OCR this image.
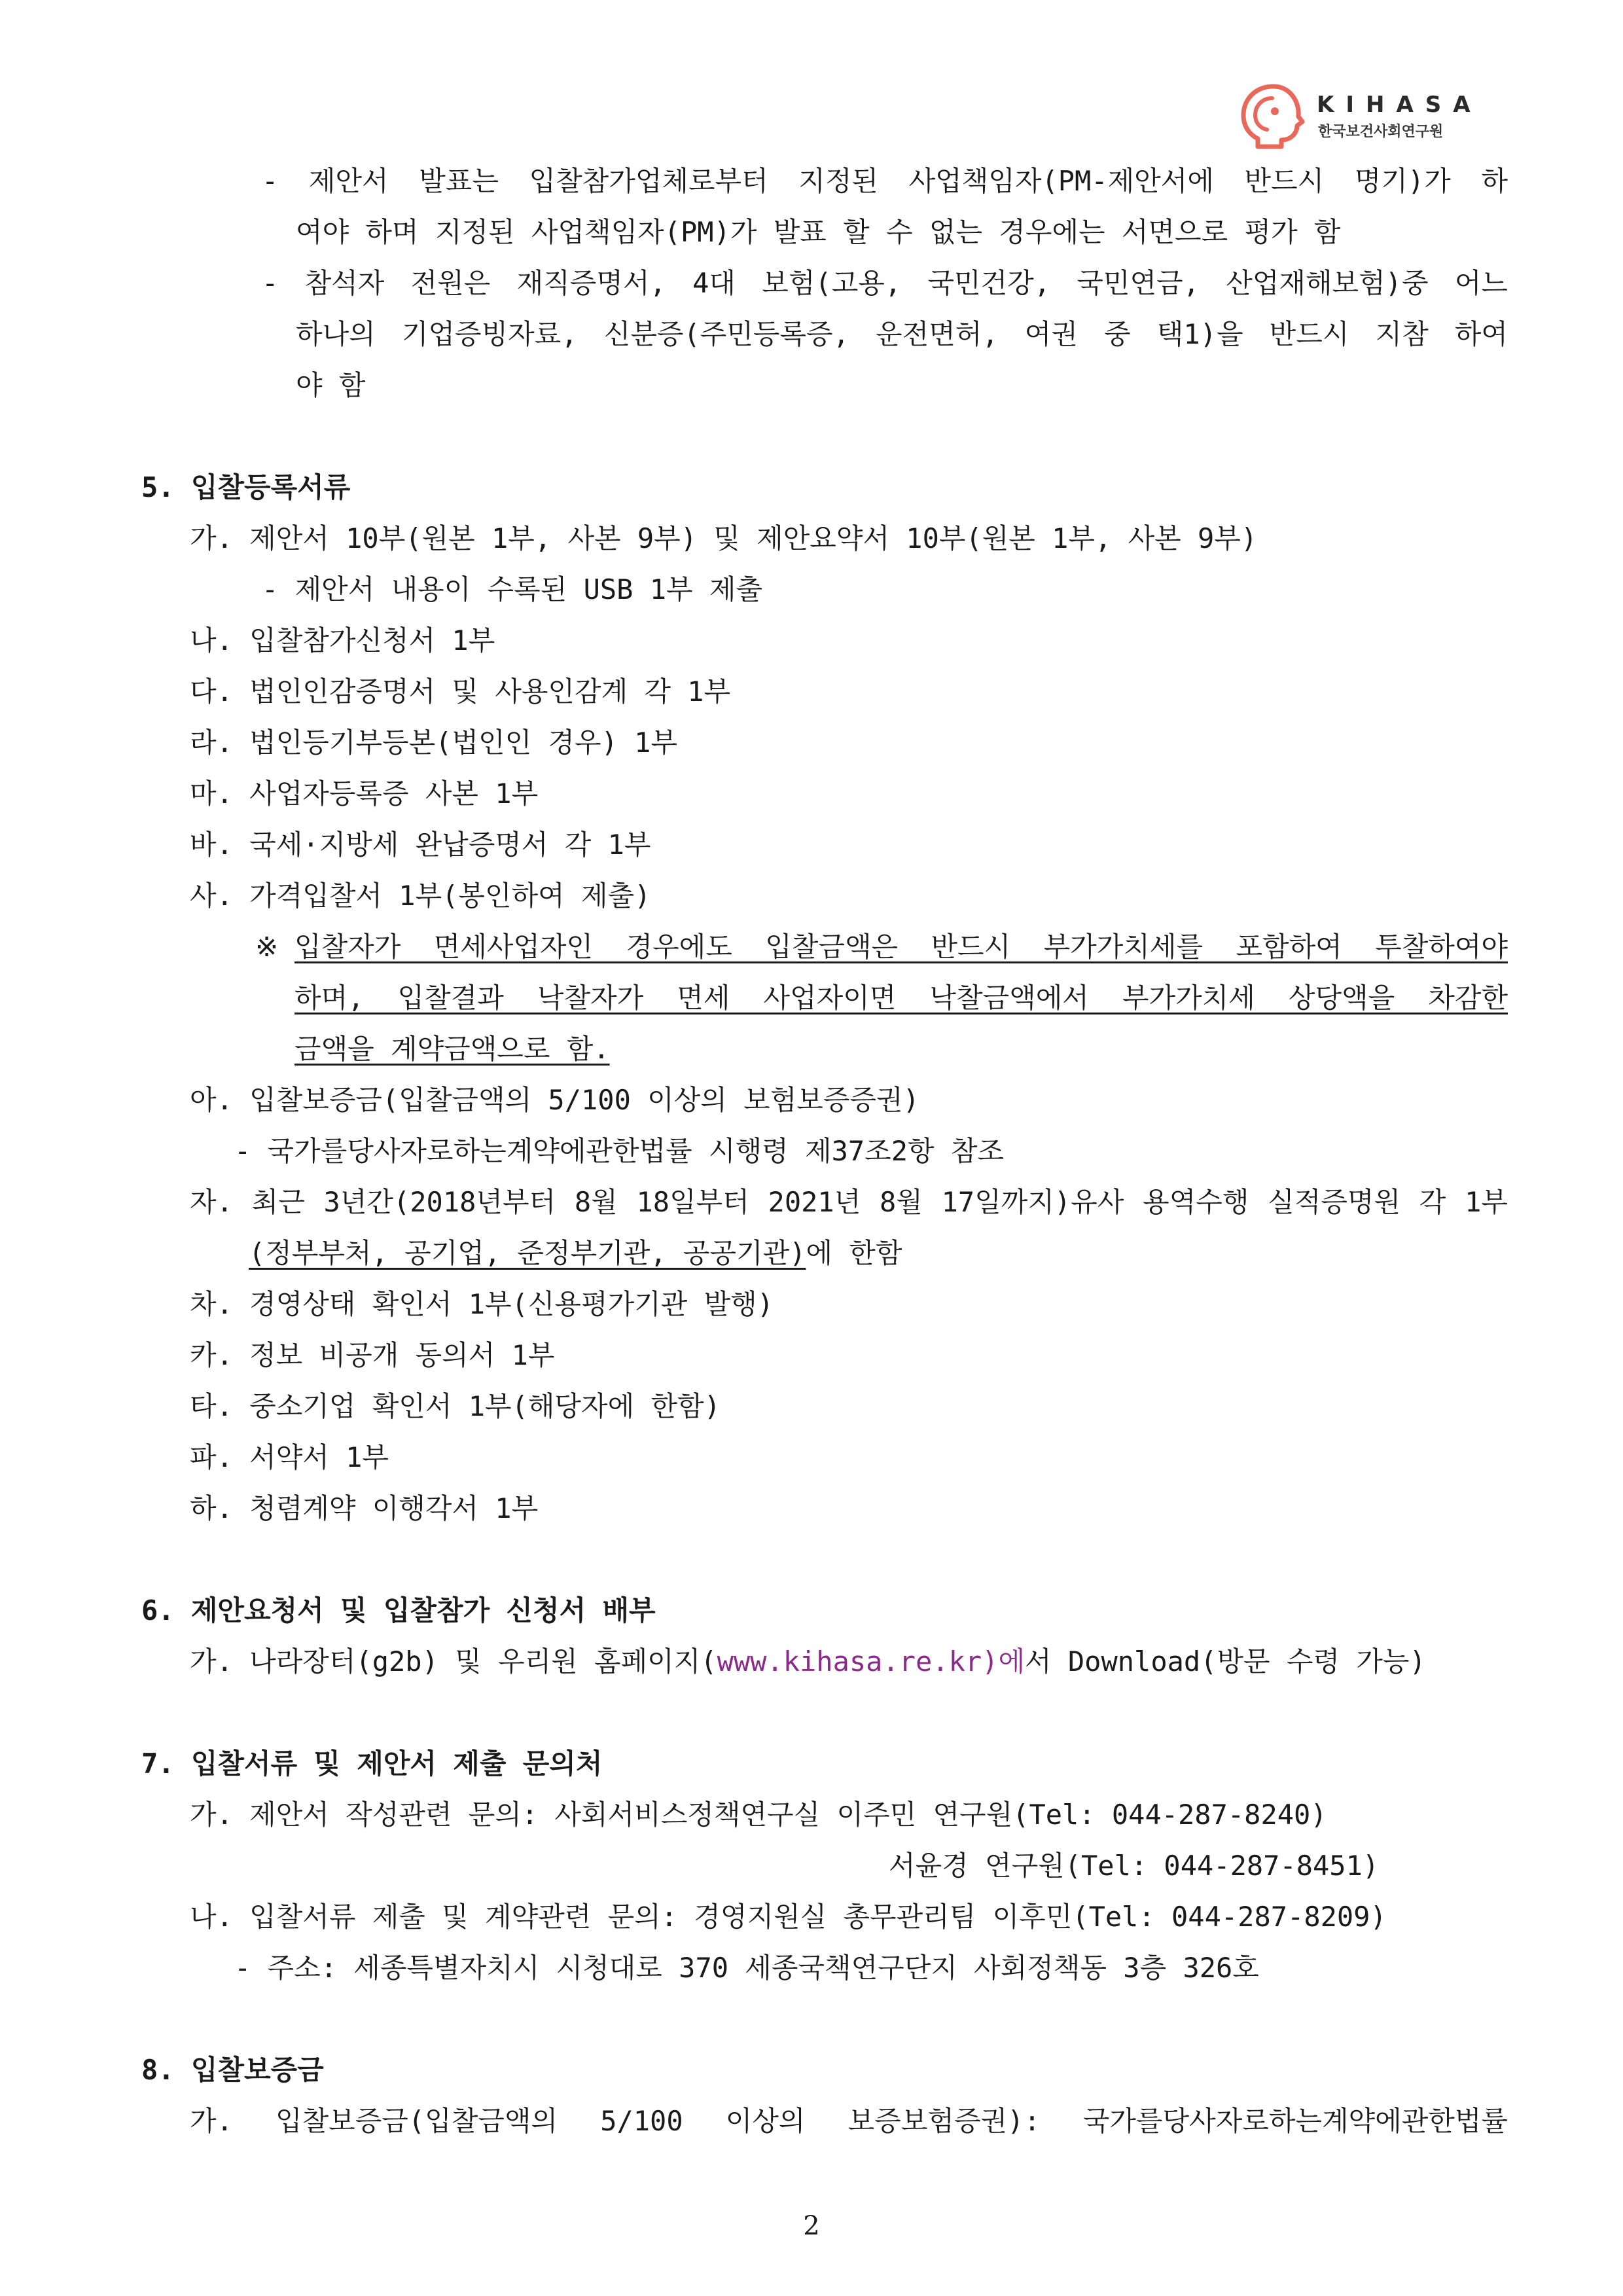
KIHASA
한국보건사회연구원
- 제안서 발표는 입찰참가업체로부터 지정된 사업책임자(PM-제안서에 반드시 명기)가 하
여야 하며 지정된 사업책임자(PM)가 발표 할 수 없는 경우에는 서면으로 평가 함
- 참석자 전원은 재직증명서, 4대 보험(고용, 국민건강, 국민연금, 산업재해보험)중 어느
하나의 기업증빙자료, 신분증(주민등록증, 운전면허, 여권 중 택1)을 반드시 지참 하여
야 함
5. 입찰등록서류
가. 제안서 10부(원본 1부, 사본 9부) 및 제안요약서 10부(원본 1부, 사본 9부)
- 제안서 내용이 수록된 USB 1부 제출
나. 입찰참가신청서 1부
다. 법인인감증명서 및 사용인감계 각 1부
라. 법인등기부등본(법인인 경우) 1부
마. 사업자등록증 사본 1부
바. 국세·지방세 완납증명서 각 1부
사. 가격입찰서 1부(봉인하여 제출)
※ 입찰자가 면세사업자인 경우에도 입찰금액은 반드시 부가가치세를 포함하여 투찰하여야
하며, 입찰결과 낙찰자가 면세 사업자이면 낙찰금액에서 부가가치세 상당액을 차감한
금액을 계약금액으로 함.
아. 입찰보증금(입찰금액의 5/100 이상의 보험보증증권)
- 국가를당사자로하는계약에관한법률 시행령 제37조2항 참조
자. 최근 3년간(2018년부터 8월 18일부터 2021년 8월 17일까지)유사 용역수행 실적증명원 각 1부
(정부부처, 공기업, 준정부기관, 공공기관)에 한함
차. 경영상태 확인서 1부(신용평가기관 발행)
카. 정보 비공개 동의서 1부
타. 중소기업 확인서 1부(해당자에 한함)
파. 서약서 1부
하. 청렴계약 이행각서 1부
6. 제안요청서 및 입찰참가 신청서 배부
가. 나라장터(g2b) 및 우리원 홈페이지(www.kihasa.re.kr)에서 Download(방문 수령 가능)
7. 입찰서류 및 제안서 제출 문의처
가. 제안서 작성관련 문의: 사회서비스정책연구실 이주민 연구원(Tel: 044-287-8240)
서윤경 연구원(Tel: 044-287-8451)
나. 입찰서류 제출 및 계약관련 문의: 경영지원실 총무관리팀 이후민(Tel: 044-287-8209)
- 주소: 세종특별자치시 시청대로 370 세종국책연구단지 사회정책동 3층 326호
8. 입찰보증금
가. 입찰보증금(입찰금액의 5/100 이상의 보증보험증권): 국가를당사자로하는계약에관한법률
2
